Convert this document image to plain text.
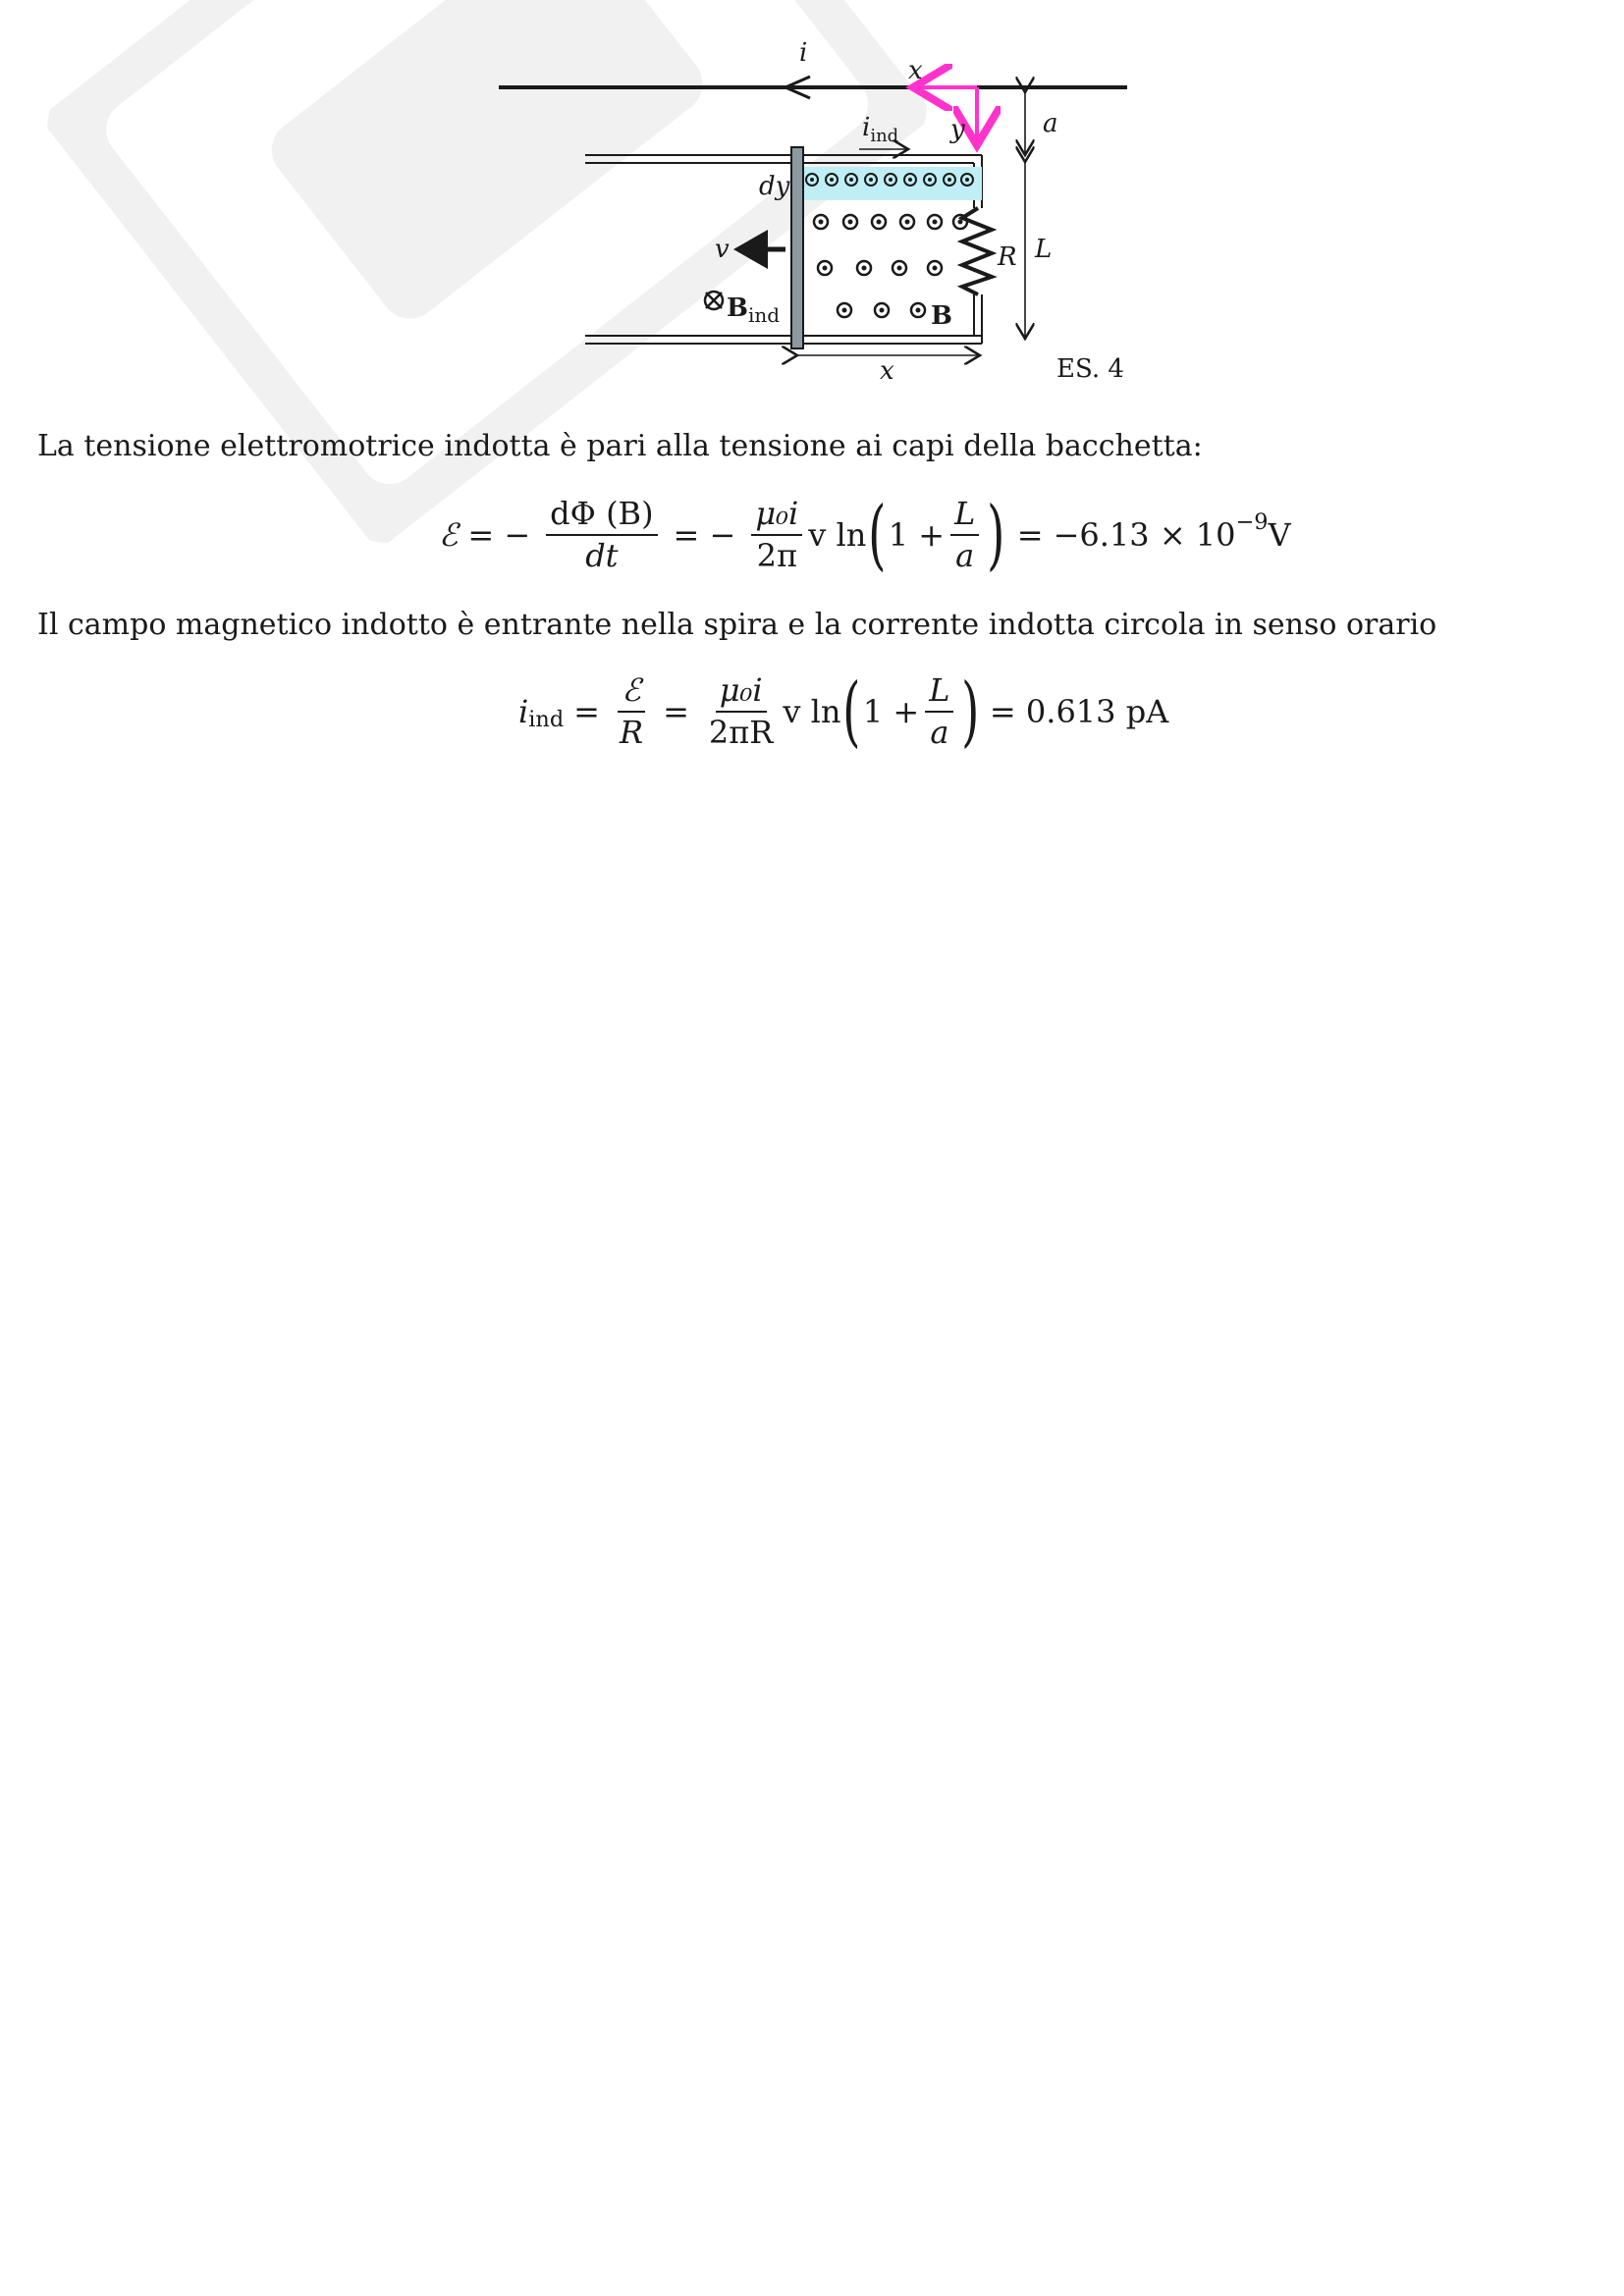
i
x
y	a
L
R
dy
$i_{ind}$
B
v
$B_{ind}$
x	ES. 4
La tensione elettromotrice indotta è pari alla tensione ai capi della bacchetta:
ℰ = − $\frac{d\Phi (B)}{dt}$ = − $\frac{\text{μ₀i}}{2\pi}$ v ln ( $1 + \frac{L}{a}$ ) = −6.13 × 10 −9 V
Il campo magnetico indotto è entrante nella spira e la corrente indotta circola in senso orario
i ind = $\frac{\text{ℰ}}{R} = \frac{\text{μ₀i}}{2\pi R}$ v ln ( $1 + \frac{L}{a}$ ) = 0.613 pA
